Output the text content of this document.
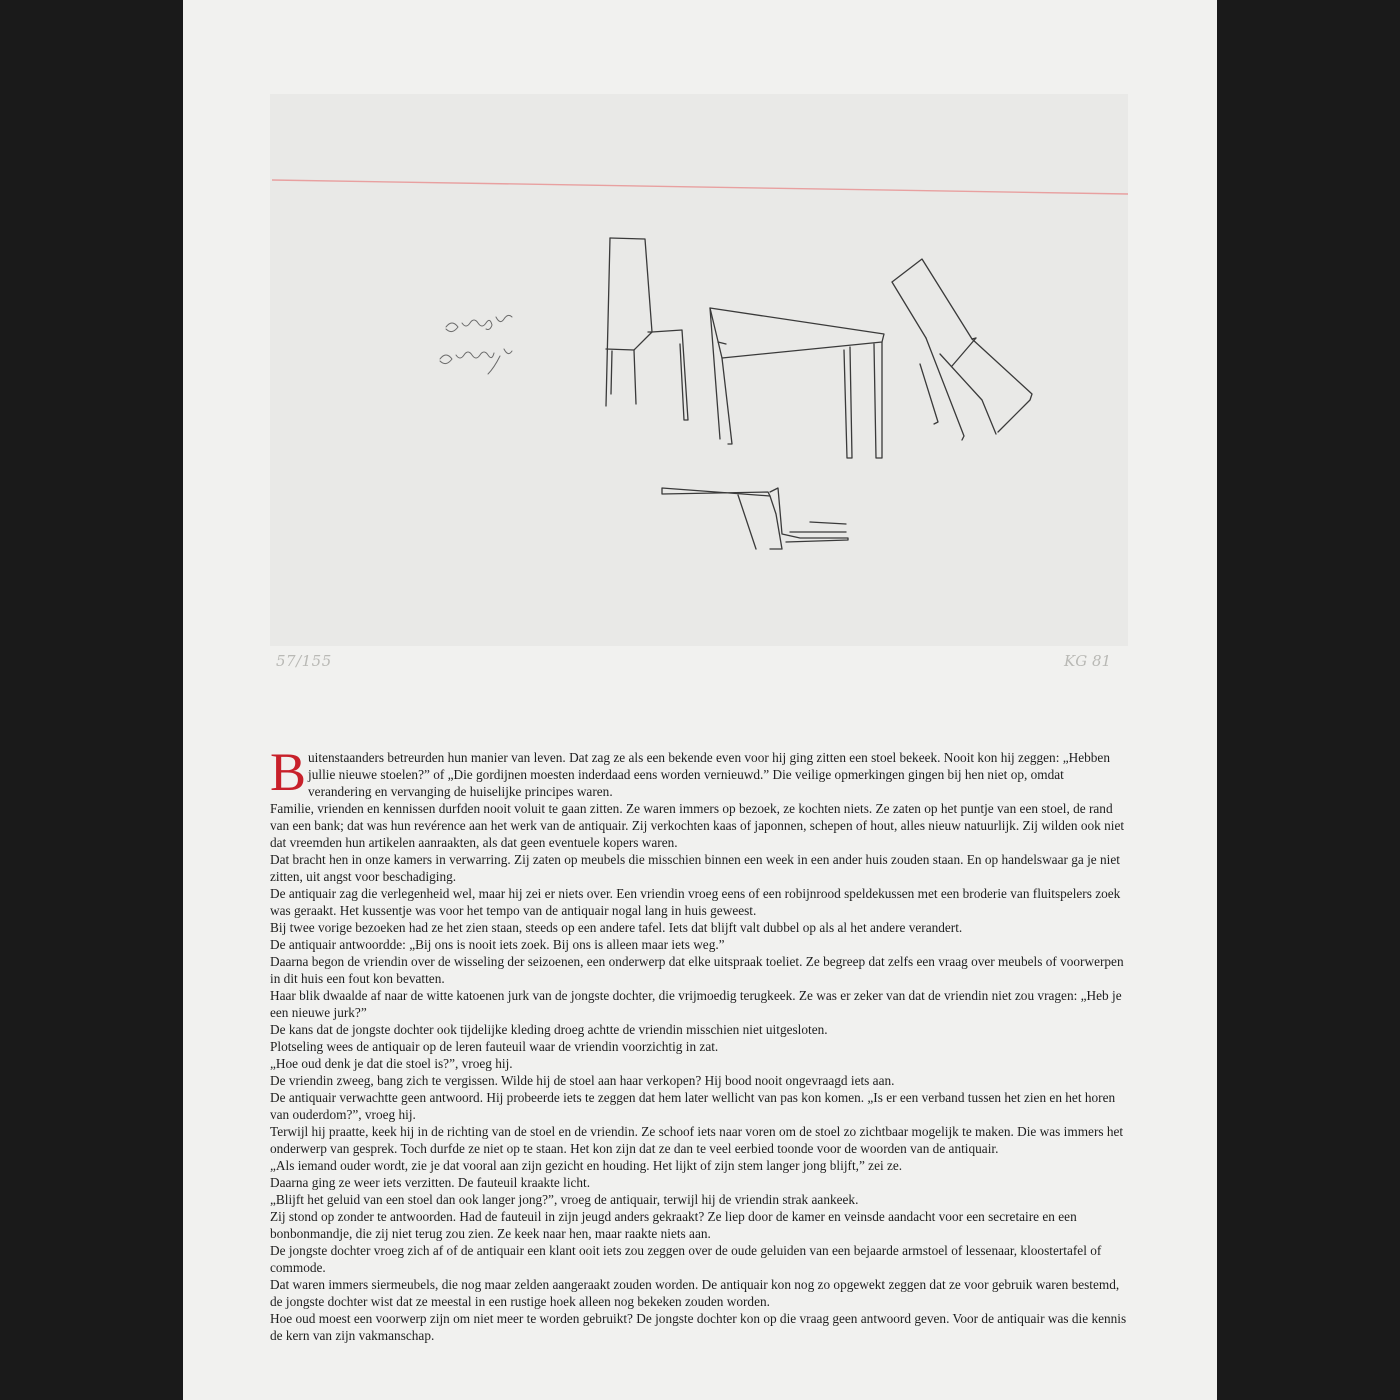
57/155	KG 81

Buitenstaanders betreurden hun manier van leven. Dat zag ze als een bekende even voor hij ging zitten een stoel bekeek. Nooit kon hij zeggen: „Hebben jullie nieuwe stoelen?” of „Die gordijnen moesten inderdaad eens worden vernieuwd.” Die veilige opmerkingen gingen bij hen niet op, omdat verandering en vervanging de huiselijke principes waren.

Familie, vrienden en kennissen durfden nooit voluit te gaan zitten. Ze waren immers op bezoek, ze kochten niets. Ze zaten op het puntje van een stoel, de rand van een bank; dat was hun revérence aan het werk van de antiquair. Zij verkochten kaas of japonnen, schepen of hout, alles nieuw natuurlijk. Zij wilden ook niet dat vreemden hun artikelen aanraakten, als dat geen eventuele kopers waren.

Dat bracht hen in onze kamers in verwarring. Zij zaten op meubels die misschien binnen een week in een ander huis zouden staan. En op handelswaar ga je niet zitten, uit angst voor beschadiging.

De antiquair zag die verlegenheid wel, maar hij zei er niets over. Een vriendin vroeg eens of een robijnrood speldekussen met een broderie van fluitspelers zoek was geraakt. Het kussentje was voor het tempo van de antiquair nogal lang in huis geweest.

Bij twee vorige bezoeken had ze het zien staan, steeds op een andere tafel. Iets dat blijft valt dubbel op als al het andere verandert.

De antiquair antwoordde: „Bij ons is nooit iets zoek. Bij ons is alleen maar iets weg.”

Daarna begon de vriendin over de wisseling der seizoenen, een onderwerp dat elke uitspraak toeliet. Ze begreep dat zelfs een vraag over meubels of voorwerpen in dit huis een fout kon bevatten.

Haar blik dwaalde af naar de witte katoenen jurk van de jongste dochter, die vrijmoedig terugkeek. Ze was er zeker van dat de vriendin niet zou vragen: „Heb je een nieuwe jurk?”

De kans dat de jongste dochter ook tijdelijke kleding droeg achtte de vriendin misschien niet uitgesloten.

Plotseling wees de antiquair op de leren fauteuil waar de vriendin voorzichtig in zat.

„Hoe oud denk je dat die stoel is?”, vroeg hij.

De vriendin zweeg, bang zich te vergissen. Wilde hij de stoel aan haar verkopen? Hij bood nooit ongevraagd iets aan.

De antiquair verwachtte geen antwoord. Hij probeerde iets te zeggen dat hem later wellicht van pas kon komen. „Is er een verband tussen het zien en het horen van ouderdom?”, vroeg hij.

Terwijl hij praatte, keek hij in de richting van de stoel en de vriendin. Ze schoof iets naar voren om de stoel zo zichtbaar mogelijk te maken. Die was immers het onderwerp van gesprek. Toch durfde ze niet op te staan. Het kon zijn dat ze dan te veel eerbied toonde voor de woorden van de antiquair.

„Als iemand ouder wordt, zie je dat vooral aan zijn gezicht en houding. Het lijkt of zijn stem langer jong blijft,” zei ze.

Daarna ging ze weer iets verzitten. De fauteuil kraakte licht.

„Blijft het geluid van een stoel dan ook langer jong?”, vroeg de antiquair, terwijl hij de vriendin strak aankeek.

Zij stond op zonder te antwoorden. Had de fauteuil in zijn jeugd anders gekraakt? Ze liep door de kamer en veinsde aandacht voor een secretaire en een bonbonmandje, die zij niet terug zou zien. Ze keek naar hen, maar raakte niets aan.

De jongste dochter vroeg zich af of de antiquair een klant ooit iets zou zeggen over de oude geluiden van een bejaarde armstoel of lessenaar, kloostertafel of commode.

Dat waren immers siermeubels, die nog maar zelden aangeraakt zouden worden. De antiquair kon nog zo opgewekt zeggen dat ze voor gebruik waren bestemd, de jongste dochter wist dat ze meestal in een rustige hoek alleen nog bekeken zouden worden.

Hoe oud moest een voorwerp zijn om niet meer te worden gebruikt? De jongste dochter kon op die vraag geen antwoord geven. Voor de antiquair was die kennis de kern van zijn vakmanschap.
